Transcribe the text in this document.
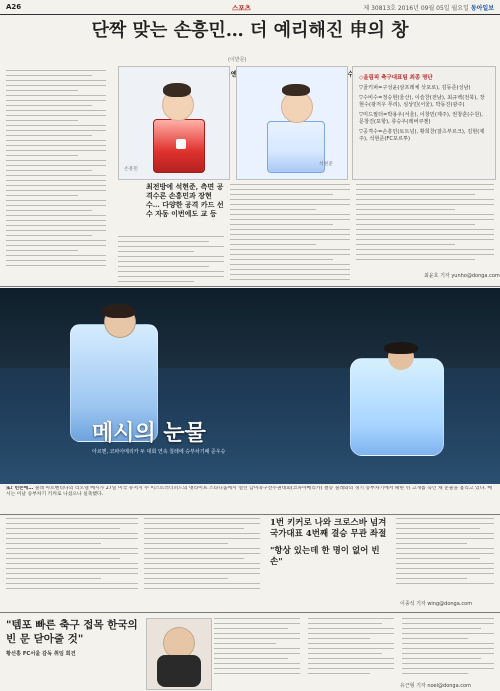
A26	스포츠	제 30813호 2016년 09월 05일 월요일 동아일보
단짝 맞는 손흥민… 더 예리해진 申의 창
(이반문)
최종엔트리 2명·수비수
손흥민
석현준
◇올림픽 축구대표팀 최종 명단
▽골키퍼=구성윤(삼프레체 삿포로), 김동준(성남)
▽수비수=정승현(울산), 이슬찬(전남), 최규백(전북), 장현수(광저우 푸리), 심상민(서울), 박동진(광주)
▽미드필더=박용우(서울), 이창민(제주), 권창훈(수원), 문창진(포항), 류승우(레버쿠젠)
▽공격수=손흥민(토트넘), 황희찬(잘츠부르크), 김현(제주), 석현준(FC포르투)
최전방에 석현준, 측면 공격수론 손흥민과 장현수… 다양한 공격 카드 선수 자동 이번에도 교 등
최윤호 기자 yunho@donga.com
메시의 눈물
아르헨, 코파아메리카 두 대회 연속 칠레에 승부차기패 준우승
또! 빈손에… 칠레 아르헨티나의 리오넬 메시가 27일 미국 뉴저지 주 이스트러더퍼드의 멧라이프 스타디움에서 열린 남미축구선수권대회(코파아메리카) 결승 칠레와의 경기 승부차기에서 패한 뒤 고개를 숙인 채 눈물을 흘리고 있다. 메시는 이날 승부차기 키커로 나섰으나 실축했다.
1번 키커로 나와 크로스바 넘겨
국가대표 4번째 결승 무관 좌절
"항상 있는데 한 명이 없어 빈손"
이종석 기자 wing@donga.com
"템포 빠른 축구 접목 한국의 빈 문 닫아줄 것"
황선홍 FC서울 감독 취임 회견
유근형 기자 noel@donga.com
